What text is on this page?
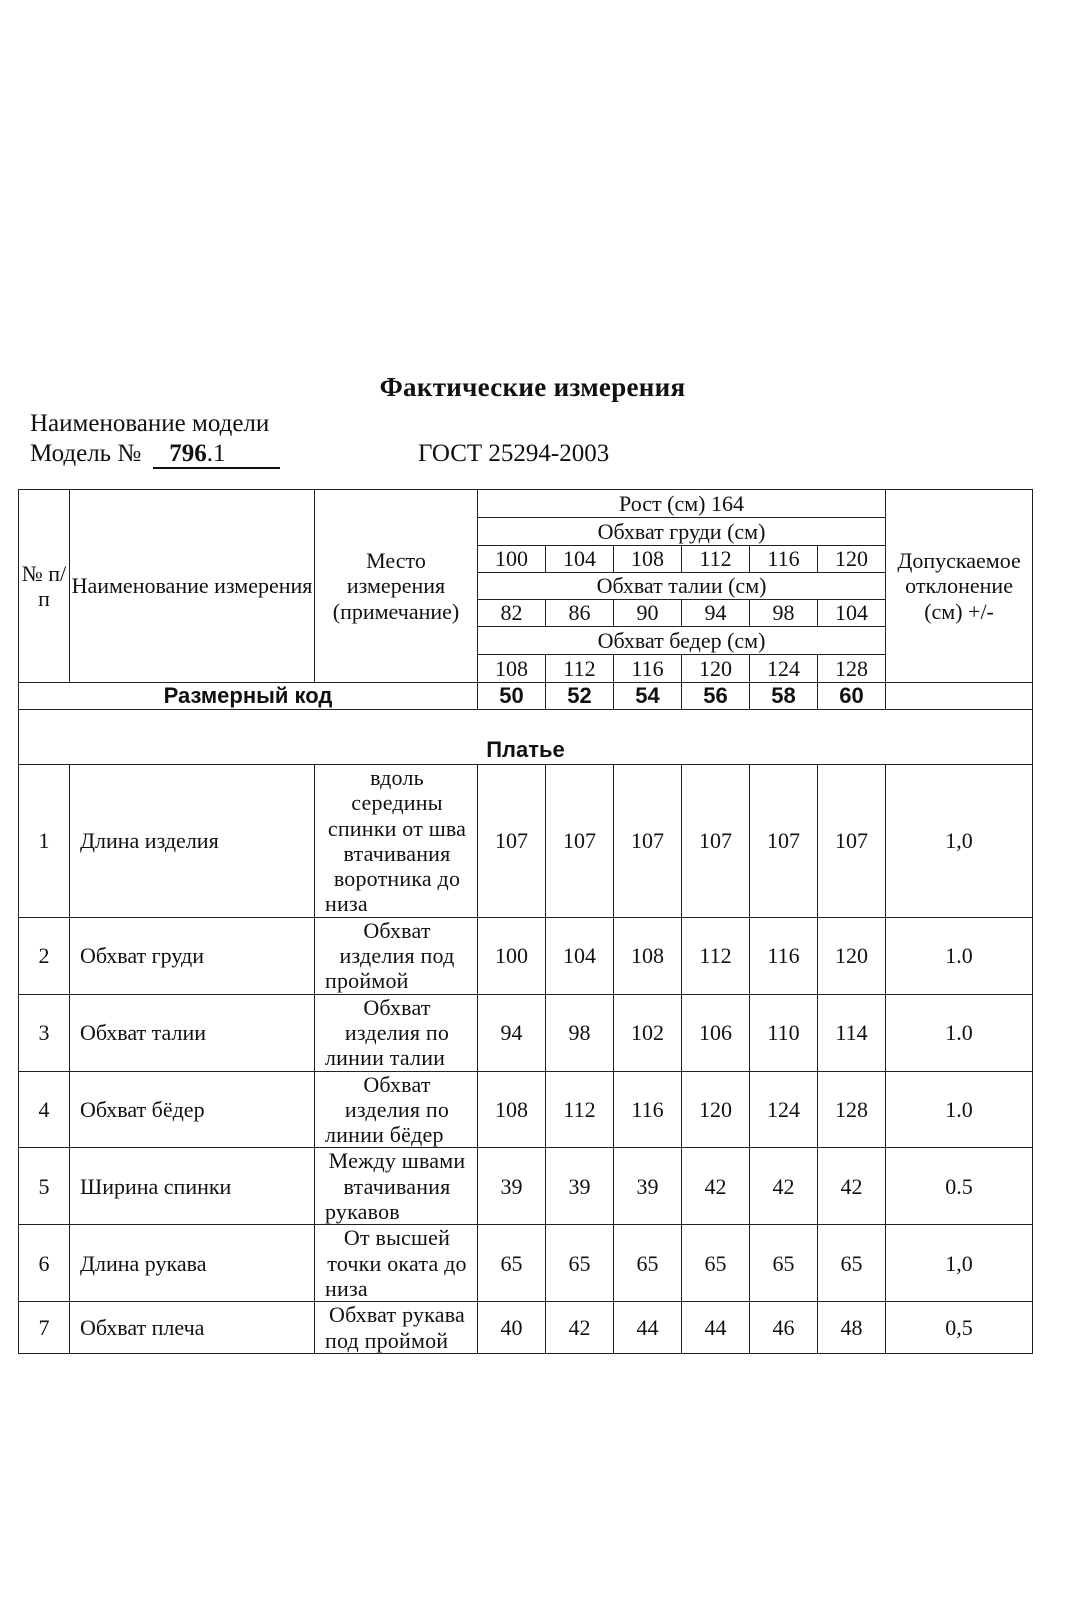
Фактические измерения
Наименование модели
Модель № 796.1	ГОСТ 25294-2003
№ п/ п	Наименование измерения	Место измерения (примечание)	Рост (см) 164						Допускаемое отклонение (см) +/-
			Обхват груди (см)						
			100	104	108	112	116	120	
			Обхват талии (см)						
			82	86	90	94	98	104	
			Обхват бедер (см)						
			108	112	116	120	124	128	
Размерный код			50	52	54	56	58	60	
Платье									
1	Длина изделия	вдоль середины спинки от шва втачивания воротника до низа	107	107	107	107	107	107	1,0
2	Обхват груди	Обхват изделия под проймой	100	104	108	112	116	120	1.0
3	Обхват талии	Обхват изделия по линии талии	94	98	102	106	110	114	1.0
4	Обхват бёдер	Обхват изделия по линии бёдер	108	112	116	120	124	128	1.0
5	Ширина спинки	Между швами втачивания рукавов	39	39	39	42	42	42	0.5
6	Длина рукава	От высшей точки оката до низа	65	65	65	65	65	65	1,0
7	Обхват плеча	Обхват рукава под проймой	40	42	44	44	46	48	0,5
